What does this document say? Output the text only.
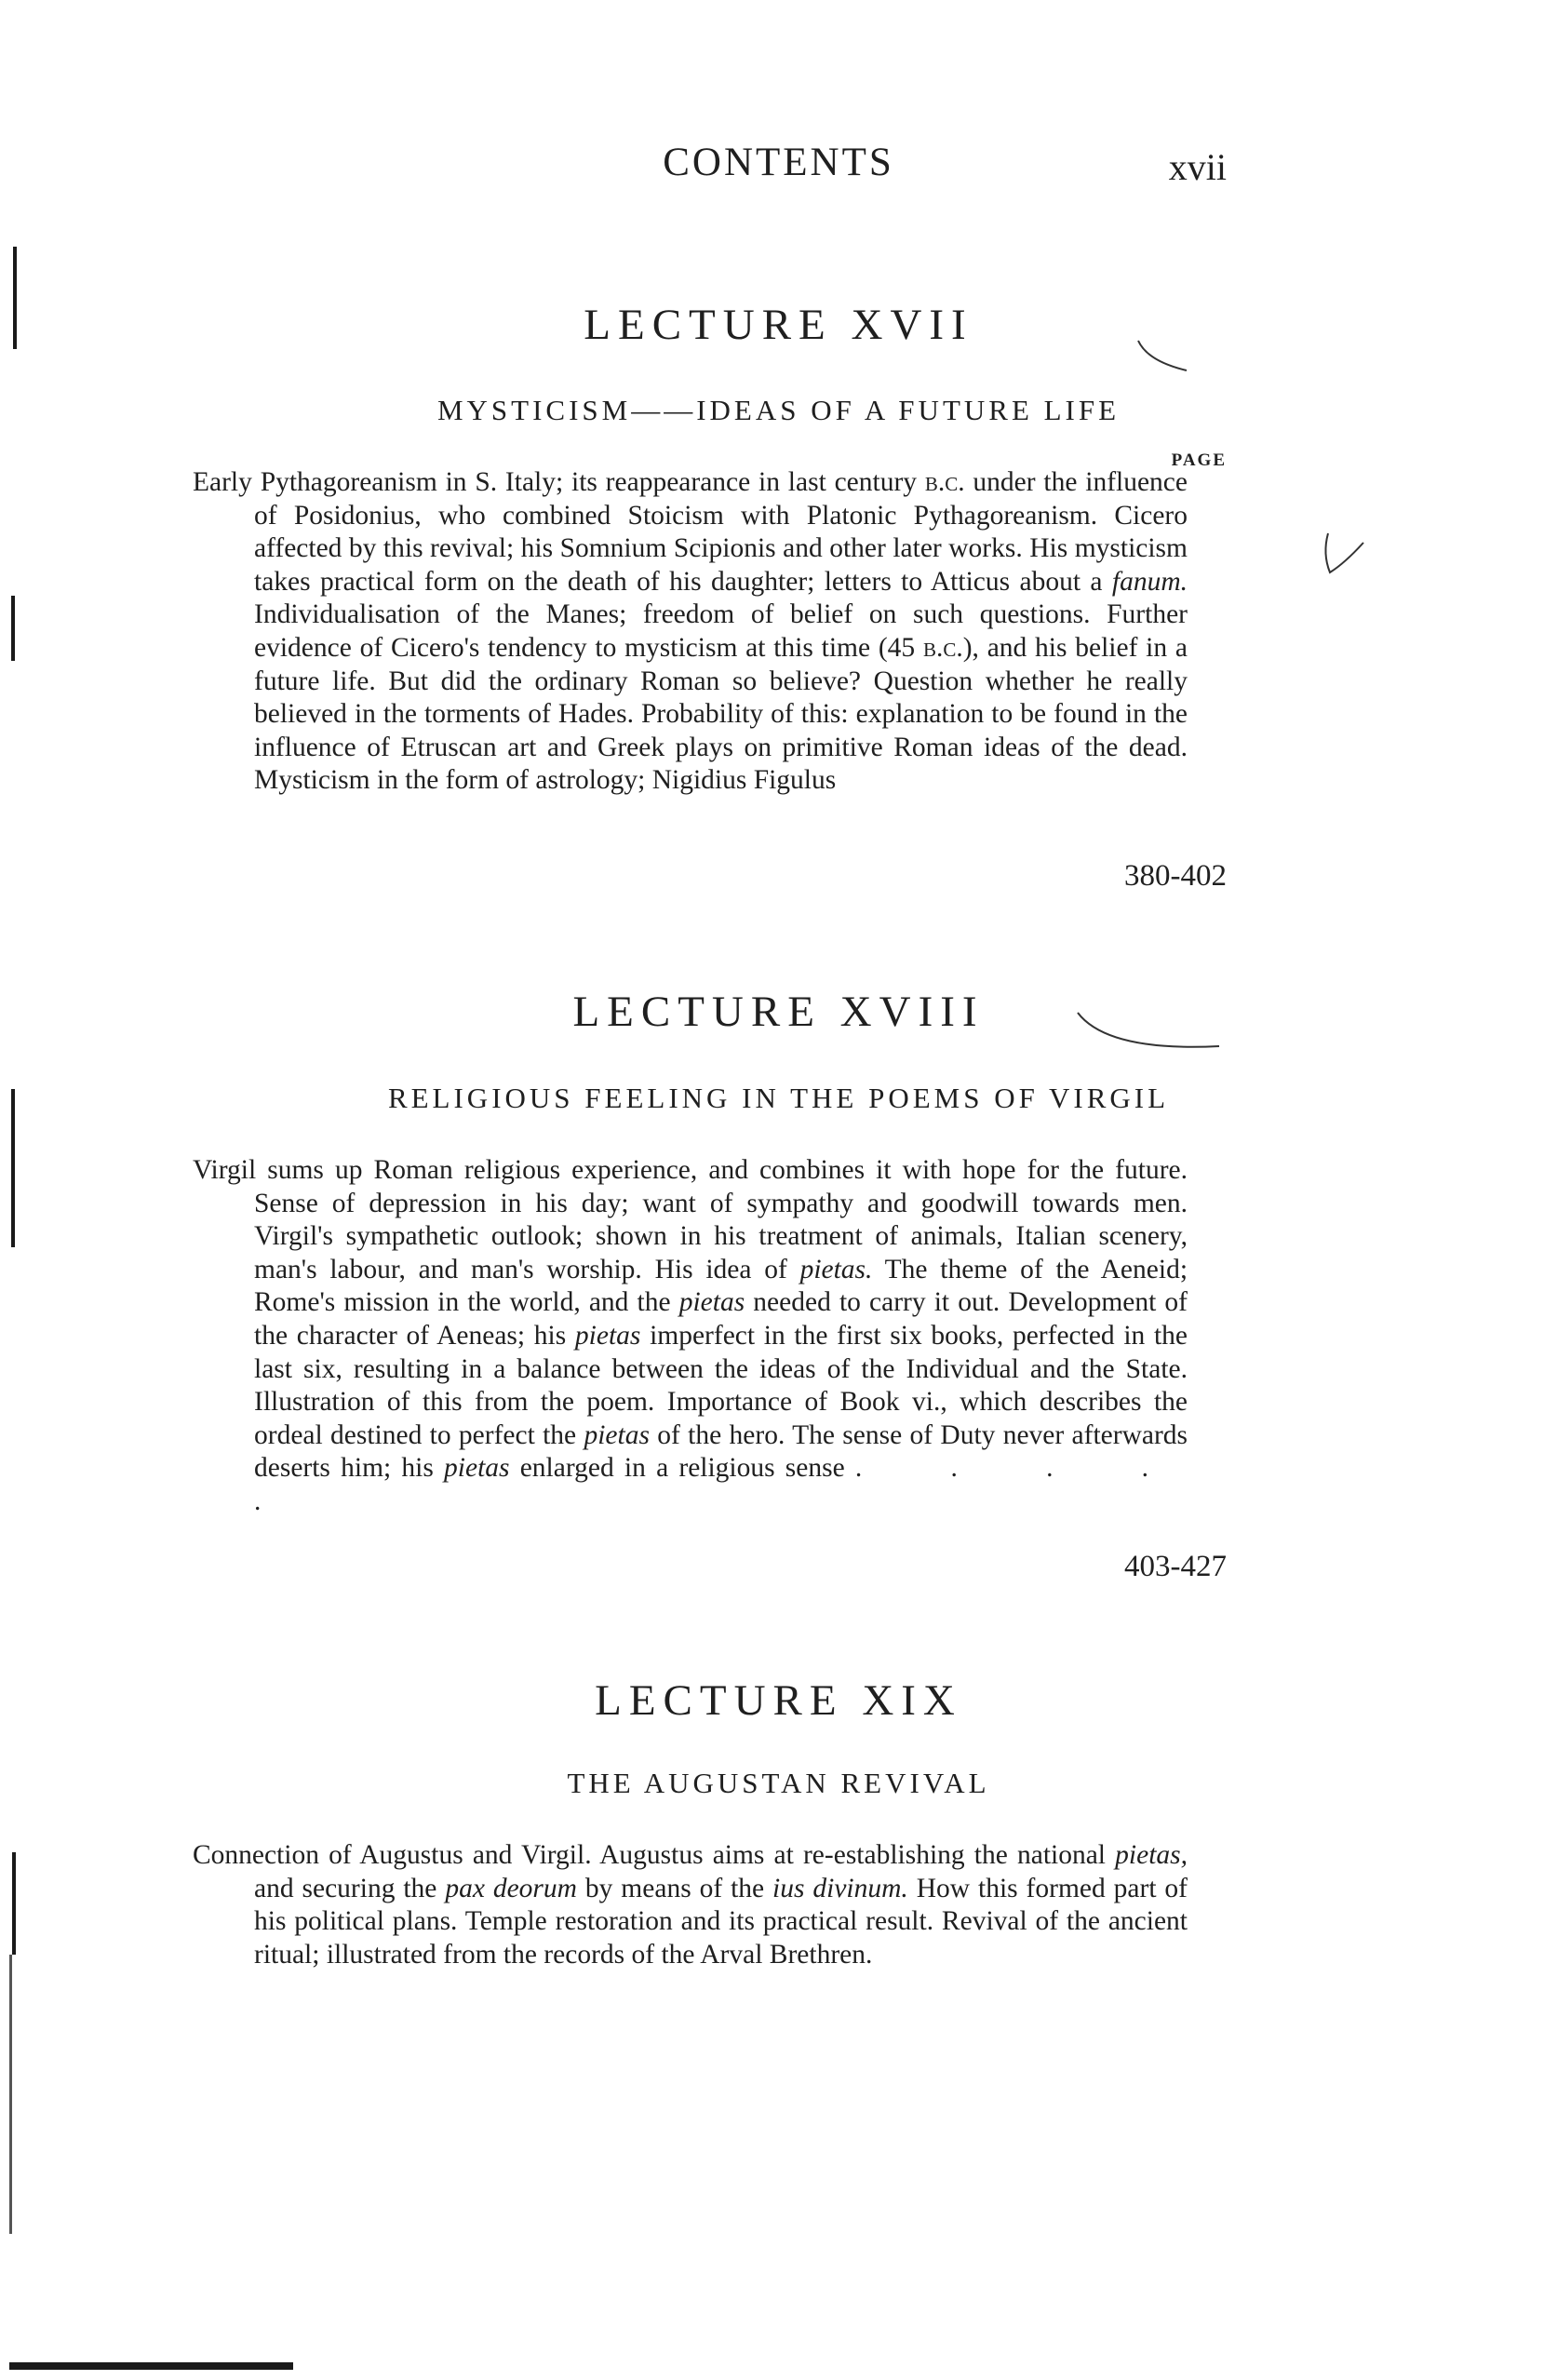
CONTENTS	xvii
LECTURE XVII
MYSTICISM——IDEAS OF A FUTURE LIFE
PAGE
Early Pythagoreanism in S. Italy; its reappearance in last century b.c. under the influence of Posidonius, who combined Stoicism with Platonic Pythagoreanism. Cicero affected by this revival; his Somnium Scipionis and other later works. His mysticism takes practical form on the death of his daughter; letters to Atticus about a fanum. Individualisation of the Manes; freedom of belief on such questions. Further evidence of Cicero's tendency to mysticism at this time (45 b.c.), and his belief in a future life. But did the ordinary Roman so believe? Question whether he really believed in the torments of Hades. Probability of this: explanation to be found in the influence of Etruscan art and Greek plays on primitive Roman ideas of the dead. Mysticism in the form of astrology; Nigidius Figulus
380-402
LECTURE XVIII
RELIGIOUS FEELING IN THE POEMS OF VIRGIL
Virgil sums up Roman religious experience, and combines it with hope for the future. Sense of depression in his day; want of sympathy and goodwill towards men. Virgil's sympathetic outlook; shown in his treatment of animals, Italian scenery, man's labour, and man's worship. His idea of pietas. The theme of the Aeneid; Rome's mission in the world, and the pietas needed to carry it out. Development of the character of Aeneas; his pietas imperfect in the first six books, perfected in the last six, resulting in a balance between the ideas of the Individual and the State. Illustration of this from the poem. Importance of Book vi., which describes the ordeal destined to perfect the pietas of the hero. The sense of Duty never afterwards deserts him; his pietas enlarged in a religious sense . . . . .
403-427
LECTURE XIX
THE AUGUSTAN REVIVAL
Connection of Augustus and Virgil. Augustus aims at re-establishing the national pietas, and securing the pax deorum by means of the ius divinum. How this formed part of his political plans. Temple restoration and its practical result. Revival of the ancient ritual; illustrated from the records of the Arval Brethren.
